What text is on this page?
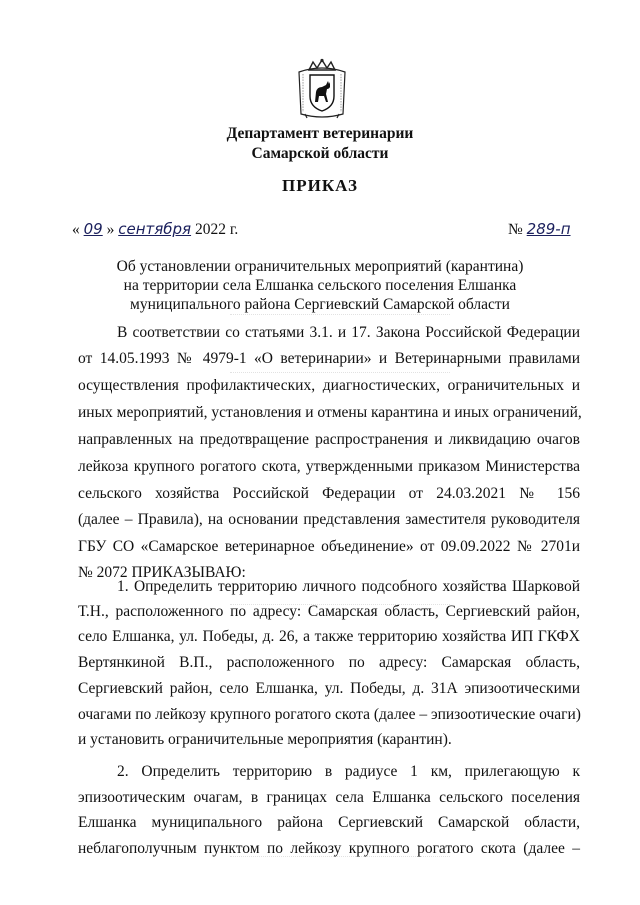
Департамент ветеринарии
Самарской области
ПРИКАЗ
« 09 » сентября 2022 г.	№ 289-п
Об установлении ограничительных мероприятий (карантина)
на территории села Елшанка сельского поселения Елшанка
муниципального района Сергиевский Самарской области
В соответствии со статьями 3.1. и 17. Закона Российской Федерации
от 14.05.1993 № 4979-1 «О ветеринарии» и Ветеринарными правилами
осуществления профилактических, диагностических, ограничительных и
иных мероприятий, установления и отмены карантина и иных ограничений,
направленных на предотвращение распространения и ликвидацию очагов
лейкоза крупного рогатого скота, утвержденными приказом Министерства
сельского хозяйства Российской Федерации от 24.03.2021 № 156
(далее – Правила), на основании представления заместителя руководителя
ГБУ СО «Самарское ветеринарное объединение» от 09.09.2022 № 2701и
№ 2072 ПРИКАЗЫВАЮ:
1. Определить территорию личного подсобного хозяйства Шарковой
Т.Н., расположенного по адресу: Самарская область, Сергиевский район,
село Елшанка, ул. Победы, д. 26, а также территорию хозяйства ИП ГКФХ
Вертянкиной В.П., расположенного по адресу: Самарская область,
Сергиевский район, село Елшанка, ул. Победы, д. 31А эпизоотическими
очагами по лейкозу крупного рогатого скота (далее – эпизоотические очаги)
и установить ограничительные мероприятия (карантин).
2. Определить территорию в радиусе 1 км, прилегающую к
эпизоотическим очагам, в границах села Елшанка сельского поселения
Елшанка муниципального района Сергиевский Самарской области,
неблагополучным пунктом по лейкозу крупного рогатого скота (далее –
